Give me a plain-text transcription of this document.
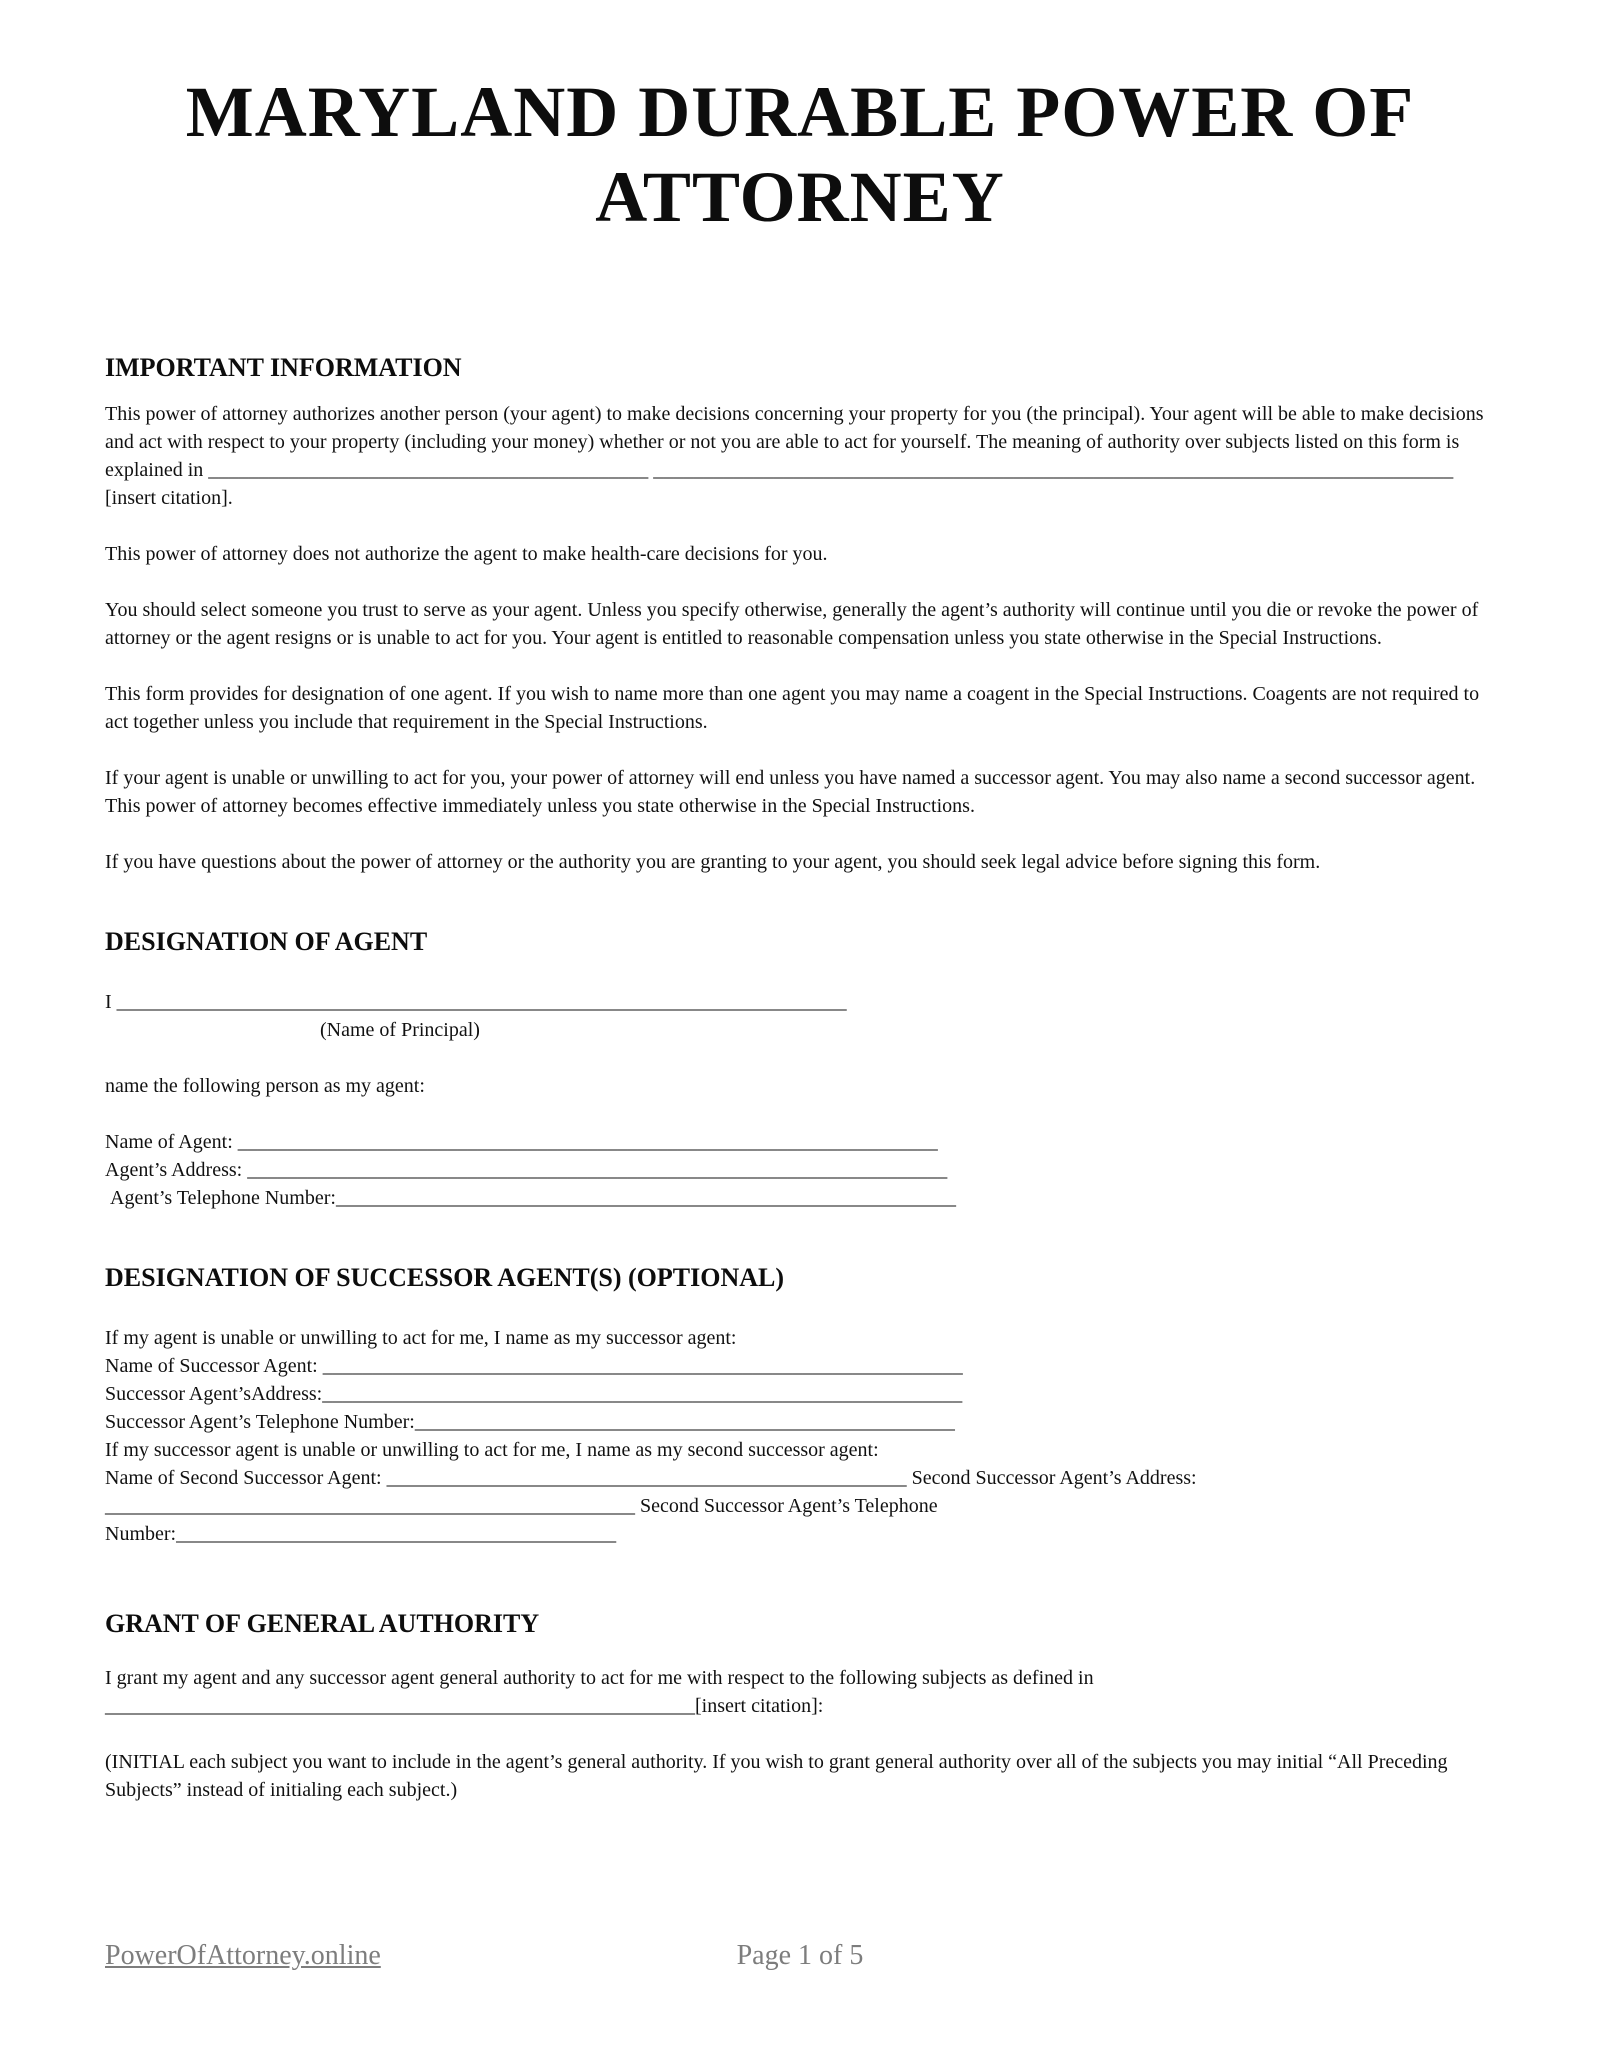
MARYLAND DURABLE POWER OF ATTORNEY
IMPORTANT INFORMATION

This power of attorney authorizes another person (your agent) to make decisions concerning your property for you (the principal). Your agent will be able to make decisions and act with respect to your property (including your money) whether or not you are able to act for yourself. The meaning of authority over subjects listed on this form is explained in ____________________________________________ ________________________________________________________________________________ [insert citation].

This power of attorney does not authorize the agent to make health-care decisions for you.

You should select someone you trust to serve as your agent. Unless you specify otherwise, generally the agent’s authority will continue until you die or revoke the power of attorney or the agent resigns or is unable to act for you. Your agent is entitled to reasonable compensation unless you state otherwise in the Special Instructions.

This form provides for designation of one agent. If you wish to name more than one agent you may name a coagent in the Special Instructions. Coagents are not required to act together unless you include that requirement in the Special Instructions.

If your agent is unable or unwilling to act for you, your power of attorney will end unless you have named a successor agent. You may also name a second successor agent. This power of attorney becomes effective immediately unless you state otherwise in the Special Instructions.

If you have questions about the power of attorney or the authority you are granting to your agent, you should seek legal advice before signing this form.

DESIGNATION OF AGENT
I _________________________________________________________________________
(Name of Principal)
name the following person as my agent:
Name of Agent: ______________________________________________________________________
Agent’s Address: ______________________________________________________________________
Agent’s Telephone Number:______________________________________________________________
DESIGNATION OF SUCCESSOR AGENT(S) (OPTIONAL)
If my agent is unable or unwilling to act for me, I name as my successor agent:
Name of Successor Agent: ________________________________________________________________
Successor Agent’sAddress:________________________________________________________________
Successor Agent’s Telephone Number:______________________________________________________
If my successor agent is unable or unwilling to act for me, I name as my second successor agent:
Name of Second Successor Agent: ____________________________________________________ Second Successor Agent’s Address:
_____________________________________________________ Second Successor Agent’s Telephone
Number:____________________________________________
GRANT OF GENERAL AUTHORITY

I grant my agent and any successor agent general authority to act for me with respect to the following subjects as defined in ___________________________________________________________[insert citation]:

(INITIAL each subject you want to include in the agent’s general authority. If you wish to grant general authority over all of the subjects you may initial “All Preceding Subjects” instead of initialing each subject.)

PowerOfAttorney.online	Page 1 of 5
